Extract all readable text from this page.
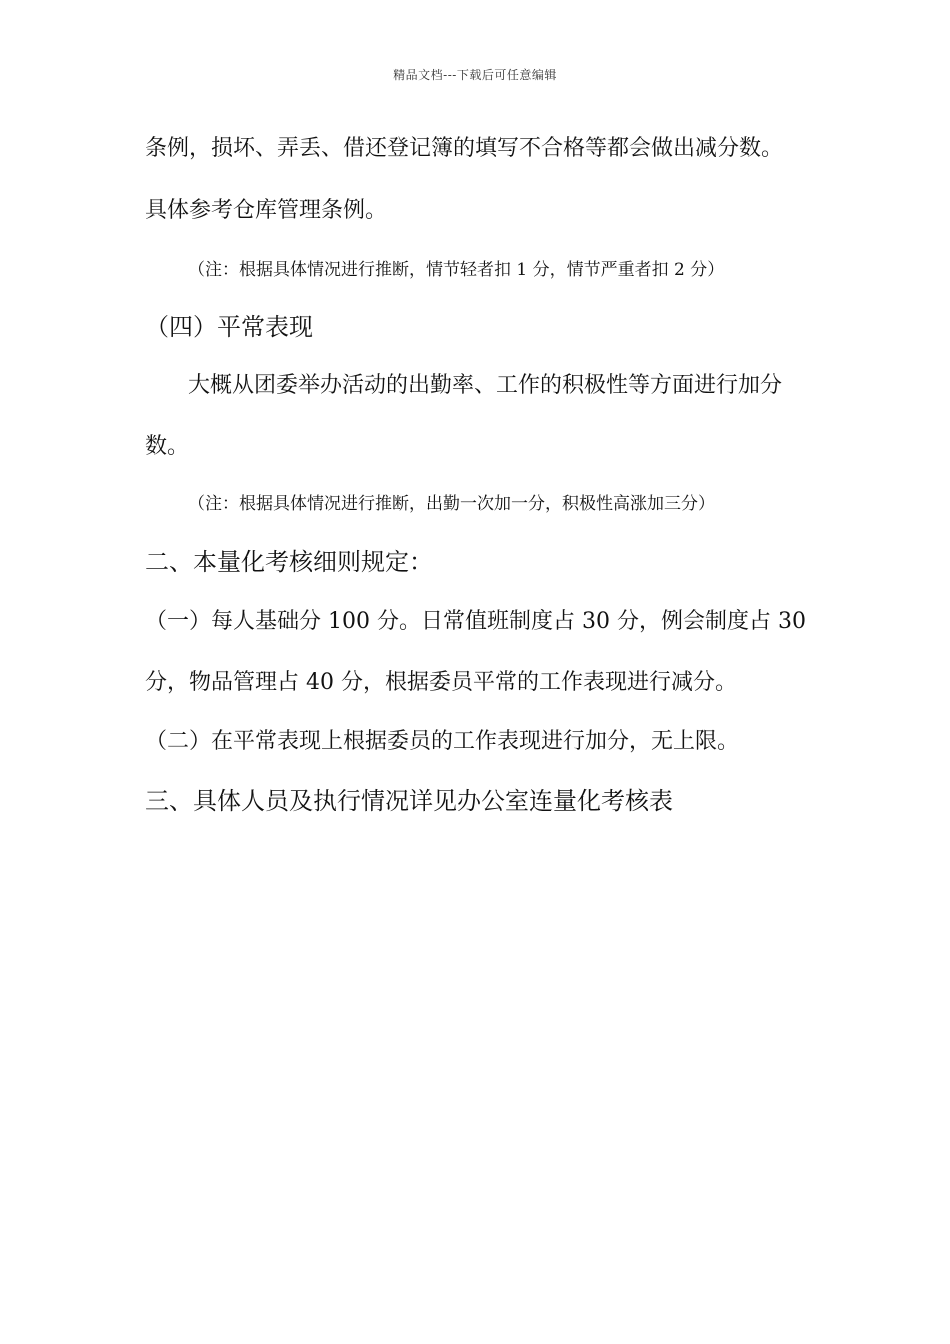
精品文档---下载后可任意编辑
条例，损坏、弄丢、借还登记簿的填写不合格等都会做出减分数。
具体参考仓库管理条例。
（注：根据具体情况进行推断，情节轻者扣 1 分，情节严重者扣 2 分）
（四）平常表现
大概从团委举办活动的出勤率、工作的积极性等方面进行加分
数。
（注：根据具体情况进行推断，出勤一次加一分，积极性高涨加三分）
二、本量化考核细则规定：
（一）每人基础分 100 分。日常值班制度占 30 分，例会制度占 30
分，物品管理占 40 分，根据委员平常的工作表现进行减分。
（二）在平常表现上根据委员的工作表现进行加分，无上限。
三、具体人员及执行情况详见办公室连量化考核表
